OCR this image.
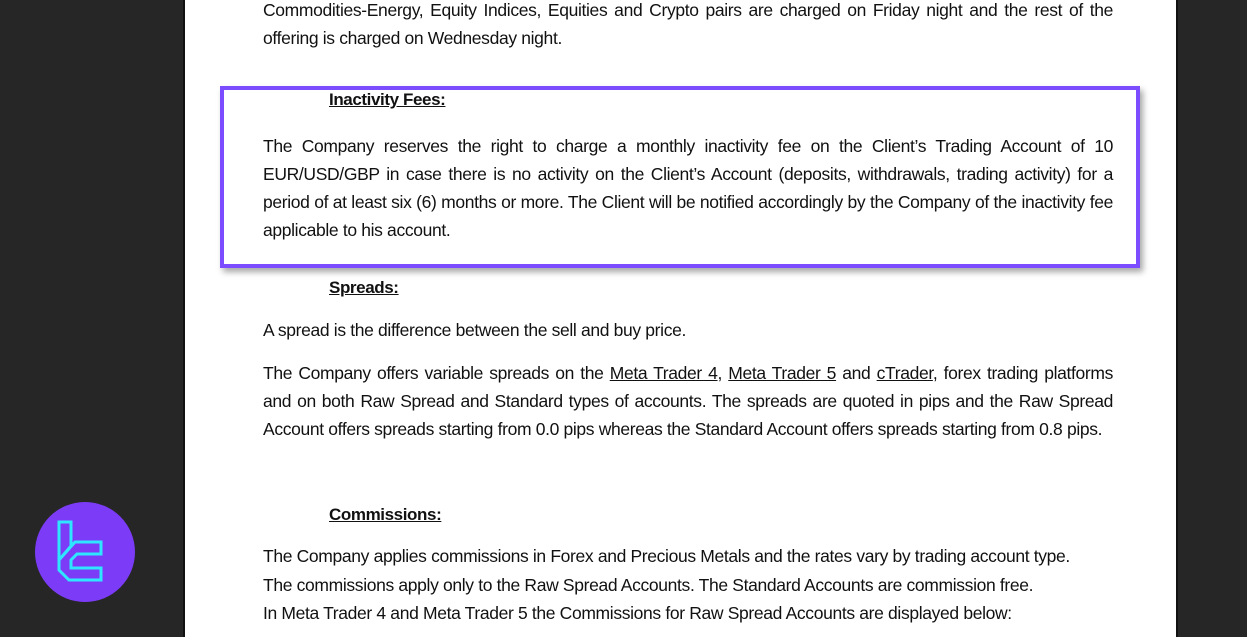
Commodities-Energy, Equity Indices, Equities and Crypto pairs are charged on Friday night and the rest of the offering is charged on Wednesday night.
Inactivity Fees:
The Company reserves the right to charge a monthly inactivity fee on the Client’s Trading Account of 10 EUR/USD/GBP in case there is no activity on the Client’s Account (deposits, withdrawals, trading activity) for a period of at least six (6) months or more. The Client will be notified accordingly by the Company of the inactivity fee applicable to his account.
Spreads:
A spread is the difference between the sell and buy price.
The Company offers variable spreads on the Meta Trader 4, Meta Trader 5 and cTrader, forex trading platforms and on both Raw Spread and Standard types of accounts. The spreads are quoted in pips and the Raw Spread Account offers spreads starting from 0.0 pips whereas the Standard Account offers spreads starting from 0.8 pips.
Commissions:
The Company applies commissions in Forex and Precious Metals and the rates vary by trading account type.
The commissions apply only to the Raw Spread Accounts. The Standard Accounts are commission free.
In Meta Trader 4 and Meta Trader 5 the Commissions for Raw Spread Accounts are displayed below:
